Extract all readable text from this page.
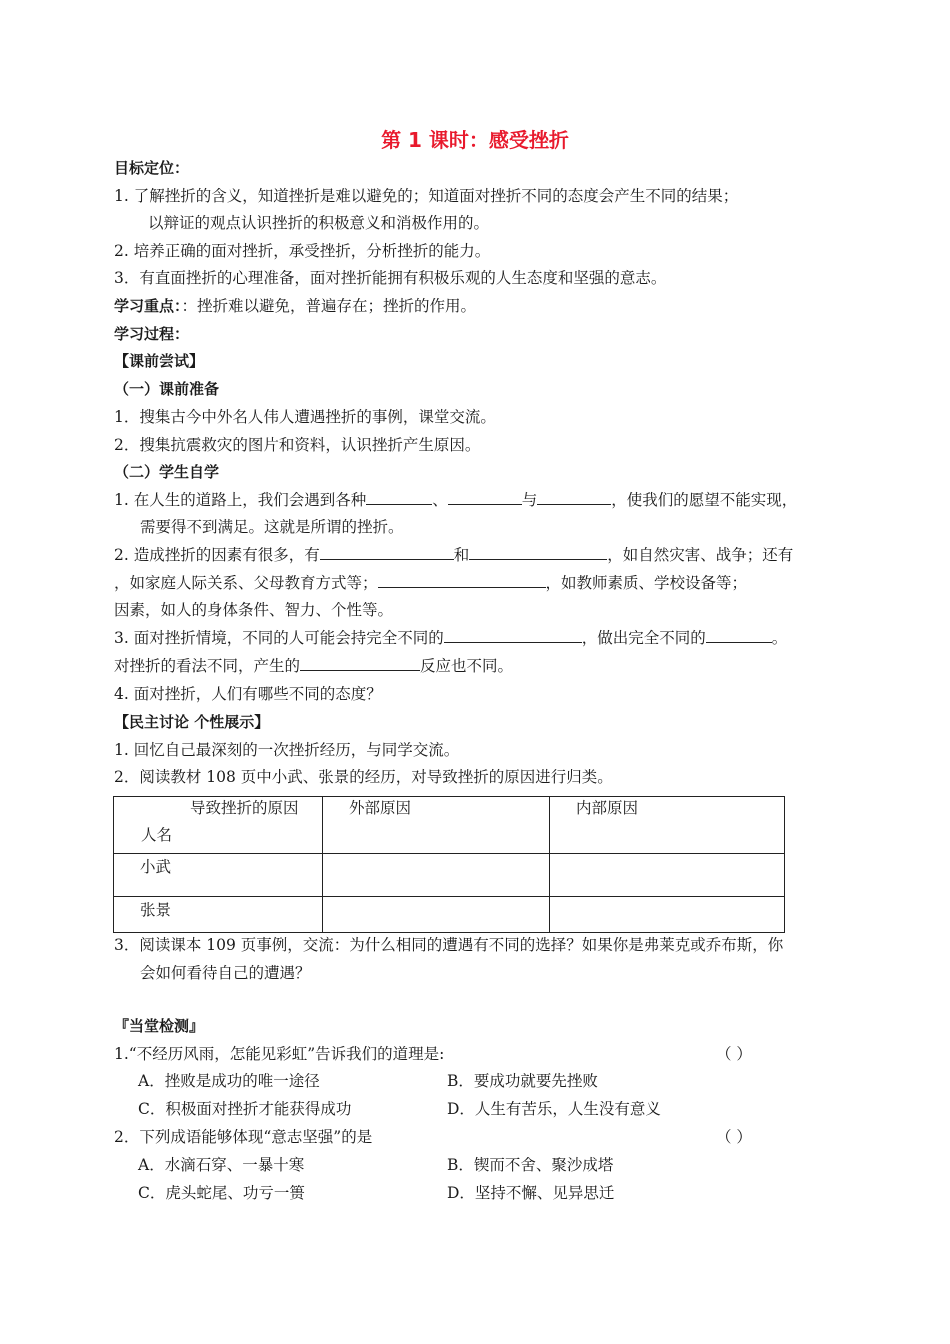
第 1 课时：感受挫折
目标定位：
1. 了解挫折的含义，知道挫折是难以避免的；知道面对挫折不同的态度会产生不同的结果；
以辩证的观点认识挫折的积极意义和消极作用的。
2. 培养正确的面对挫折，承受挫折，分析挫折的能力。
3．有直面挫折的心理准备，面对挫折能拥有积极乐观的人生态度和坚强的意志。
学习重点：：挫折难以避免，普遍存在；挫折的作用。
学习过程：
【课前尝试】
（一）课前准备
1．搜集古今中外名人伟人遭遇挫折的事例，课堂交流。
2．搜集抗震救灾的图片和资料，认识挫折产生原因。
（二）学生自学
1. 在人生的道路上，我们会遇到各种	、	与	，使我们的愿望不能实现，
需要得不到满足。这就是所谓的挫折。
2. 造成挫折的因素有很多，有	和	，如自然灾害、战争；还有
，如家庭人际关系、父母教育方式等；	，如教师素质、学校设备等；
因素，如人的身体条件、智力、个性等。
3. 面对挫折情境，不同的人可能会持完全不同的	，做出完全不同的	。
对挫折的看法不同，产生的	反应也不同。
4. 面对挫折，人们有哪些不同的态度？
【民主讨论 个性展示】
1. 回忆自己最深刻的一次挫折经历，与同学交流。
2．阅读教材 108 页中小武、张景的经历，对导致挫折的原因进行归类。
导致挫折的原因
人名	外部原因	内部原因

小武		

张景		

3．阅读课本 109 页事例，交流：为什么相同的遭遇有不同的选择？如果你是弗莱克或乔布斯，你
会如何看待自己的遭遇？
『当堂检测』
1.“不经历风雨，怎能见彩虹”告诉我们的道理是:	（ ）
A．挫败是成功的唯一途径	B．要成功就要先挫败
C．积极面对挫折才能获得成功	D．人生有苦乐，人生没有意义
2．下列成语能够体现“意志坚强”的是	（ ）
A．水滴石穿、一暴十寒	B．锲而不舍、聚沙成塔
C．虎头蛇尾、功亏一篑	D．坚持不懈、见异思迁
